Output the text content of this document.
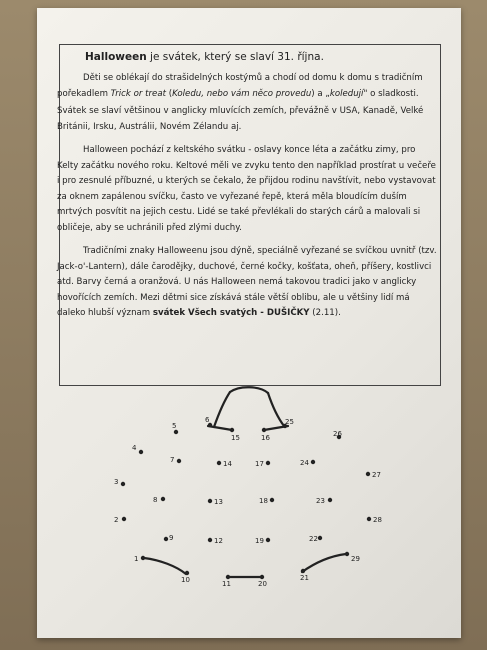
Halloween je svátek, který se slaví 31. října.
Děti se oblékají do strašidelných kostýmů a chodí od domu k domu s tradičním pořekadlem Trick or treat (Koledu, nebo vám něco provedu) a „koledují" o sladkosti.
Svátek se slaví většinou v anglicky mluvících zemích, převážně v USA, Kanadě, Velké Británii, Irsku, Austrálii, Novém Zélandu aj.
Halloween pochází z keltského svátku - oslavy konce léta a začátku zimy, pro Kelty začátku nového roku. Keltové měli ve zvyku tento den například prostírat u večeře i pro zesnulé příbuzné, u kterých se čekalo, že přijdou rodinu navštívit, nebo vystavovat za oknem zapálenou svíčku, často ve vyřezané řepě, která měla bloudícím duším mrtvých posvítit na jejich cestu. Lidé se také převlékali do starých cárů a malovali si obličeje, aby se uchránili před zlými duchy.
Tradičními znaky Halloweenu jsou dýně, speciálně vyřezané se svíčkou uvnitř (tzv. Jack-o'-Lantern), dále čarodějky, duchové, černé kočky, košťata, oheň, příšery, kostlivci atd. Barvy černá a oranžová. U nás Halloween nemá takovou tradici jako v anglicky hovořících zemích. Mezi dětmi sice získává stále větší oblibu, ale u většiny lidí má daleko hlubší význam svátek Všech svatých - DUŠIČKY (2.11).
1
2
3
4
5
6
7
8
9
10	11
12
13
14
15	16
17
18
19
20
21
22
23
24
25
26
27
28
29
